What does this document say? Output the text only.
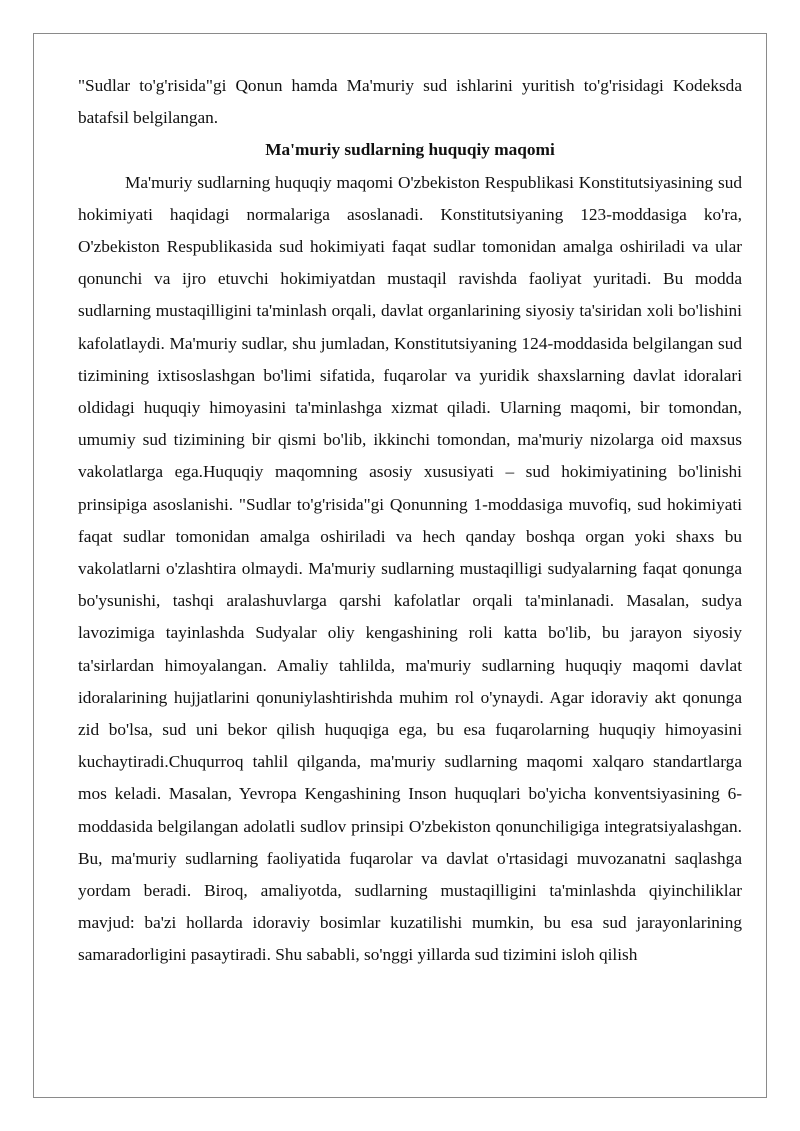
"Sudlar to'g'risida"gi Qonun hamda Ma'muriy sud ishlarini yuritish to'g'risidagi Kodeksda batafsil belgilangan.

Ma'muriy sudlarning huquqiy maqomi

Ma'muriy sudlarning huquqiy maqomi O'zbekiston Respublikasi Konstitutsiyasining sud hokimiyati haqidagi normalariga asoslanadi. Konstitutsiyaning 123-moddasiga ko'ra, O'zbekiston Respublikasida sud hokimiyati faqat sudlar tomonidan amalga oshiriladi va ular qonunchi va ijro etuvchi hokimiyatdan mustaqil ravishda faoliyat yuritadi. Bu modda sudlarning mustaqilligini ta'minlash orqali, davlat organlarining siyosiy ta'siridan xoli bo'lishini kafolatlaydi. Ma'muriy sudlar, shu jumladan, Konstitutsiyaning 124-moddasida belgilangan sud tizimining ixtisoslashgan bo'limi sifatida, fuqarolar va yuridik shaxslarning davlat idoralari oldidagi huquqiy himoyasini ta'minlashga xizmat qiladi. Ularning maqomi, bir tomondan, umumiy sud tizimining bir qismi bo'lib, ikkinchi tomondan, ma'muriy nizolarga oid maxsus vakolatlarga ega.Huquqiy maqomning asosiy xususiyati – sud hokimiyatining bo'linishi prinsipiga asoslanishi. "Sudlar to'g'risida"gi Qonunning 1-moddasiga muvofiq, sud hokimiyati faqat sudlar tomonidan amalga oshiriladi va hech qanday boshqa organ yoki shaxs bu vakolatlarni o'zlashtira olmaydi. Ma'muriy sudlarning mustaqilligi sudyalarning faqat qonunga bo'ysunishi, tashqi aralashuvlarga qarshi kafolatlar orqali ta'minlanadi. Masalan, sudya lavozimiga tayinlashda Sudyalar oliy kengashining roli katta bo'lib, bu jarayon siyosiy ta'sirlardan himoyalangan. Amaliy tahlilda, ma'muriy sudlarning huquqiy maqomi davlat idoralarining hujjatlarini qonuniylashtirishda muhim rol o'ynaydi. Agar idoraviy akt qonunga zid bo'lsa, sud uni bekor qilish huquqiga ega, bu esa fuqarolarning huquqiy himoyasini kuchaytiradi.Chuqurroq tahlil qilganda, ma'muriy sudlarning maqomi xalqaro standartlarga mos keladi. Masalan, Yevropa Kengashining Inson huquqlari bo'yicha konventsiyasining 6-moddasida belgilangan adolatli sudlov prinsipi O'zbekiston qonunchiligiga integratsiyalashgan. Bu, ma'muriy sudlarning faoliyatida fuqarolar va davlat o'rtasidagi muvozanatni saqlashga yordam beradi. Biroq, amaliyotda, sudlarning mustaqilligini ta'minlashda qiyinchiliklar mavjud: ba'zi hollarda idoraviy bosimlar kuzatilishi mumkin, bu esa sud jarayonlarining samaradorligini pasaytiradi. Shu sababli, so'nggi yillarda sud tizimini isloh qilish
